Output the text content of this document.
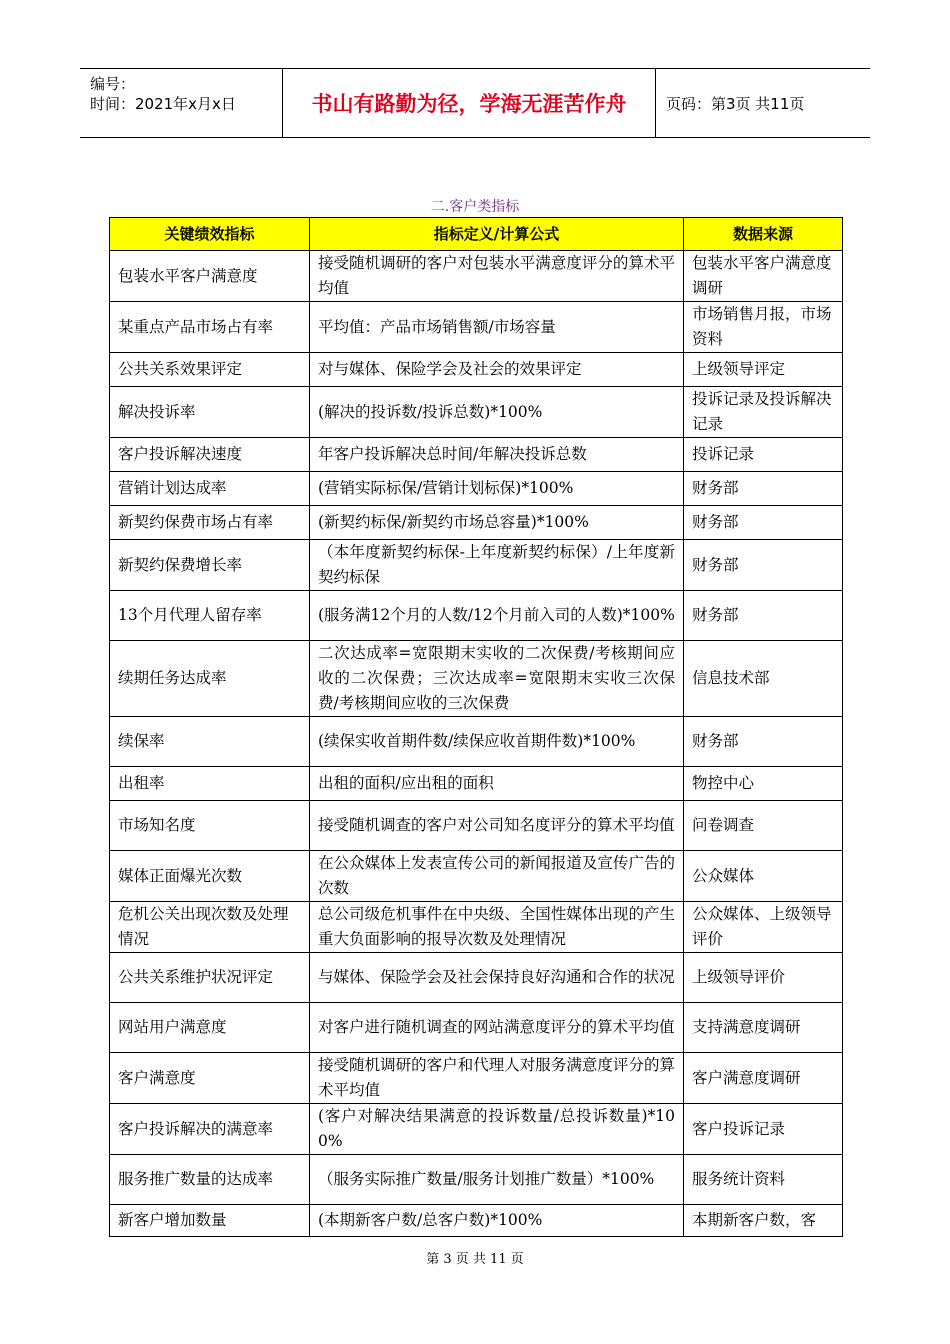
编号：
时间：2021年x月x日	书山有路勤为径，学海无涯苦作舟	页码：第3页 共11页
二.客户类指标
关键绩效指标	指标定义/计算公式	数据来源
包装水平客户满意度	接受随机调研的客户对包装水平满意度评分的算术平均值	包装水平客户满意度调研
某重点产品市场占有率	平均值：产品市场销售额/市场容量	市场销售月报，市场资料
公共关系效果评定	对与媒体、保险学会及社会的效果评定	上级领导评定
解决投诉率	(解决的投诉数/投诉总数)*100%	投诉记录及投诉解决记录
客户投诉解决速度	年客户投诉解决总时间/年解决投诉总数	投诉记录
营销计划达成率	(营销实际标保/营销计划标保)*100%	财务部
新契约保费市场占有率	(新契约标保/新契约市场总容量)*100%	财务部
新契约保费增长率	（本年度新契约标保-上年度新契约标保）/上年度新契约标保	财务部
13个月代理人留存率	(服务满12个月的人数/12个月前入司的人数)*100%	财务部
续期任务达成率	二次达成率=宽限期末实收的二次保费/考核期间应收的二次保费；三次达成率=宽限期末实收三次保费/考核期间应收的三次保费	信息技术部
续保率	(续保实收首期件数/续保应收首期件数)*100%	财务部
出租率	出租的面积/应出租的面积	物控中心
市场知名度	接受随机调查的客户对公司知名度评分的算术平均值	问卷调查
媒体正面爆光次数	在公众媒体上发表宣传公司的新闻报道及宣传广告的次数	公众媒体
危机公关出现次数及处理情况	总公司级危机事件在中央级、全国性媒体出现的产生重大负面影响的报导次数及处理情况	公众媒体、上级领导评价
公共关系维护状况评定	与媒体、保险学会及社会保持良好沟通和合作的状况	上级领导评价
网站用户满意度	对客户进行随机调查的网站满意度评分的算术平均值	支持满意度调研
客户满意度	接受随机调研的客户和代理人对服务满意度评分的算术平均值	客户满意度调研
客户投诉解决的满意率	(客户对解决结果满意的投诉数量/总投诉数量)*100%	客户投诉记录
服务推广数量的达成率	（服务实际推广数量/服务计划推广数量）*100%	服务统计资料
新客户增加数量	(本期新客户数/总客户数)*100%	本期新客户数，客
第 3 页 共 11 页
